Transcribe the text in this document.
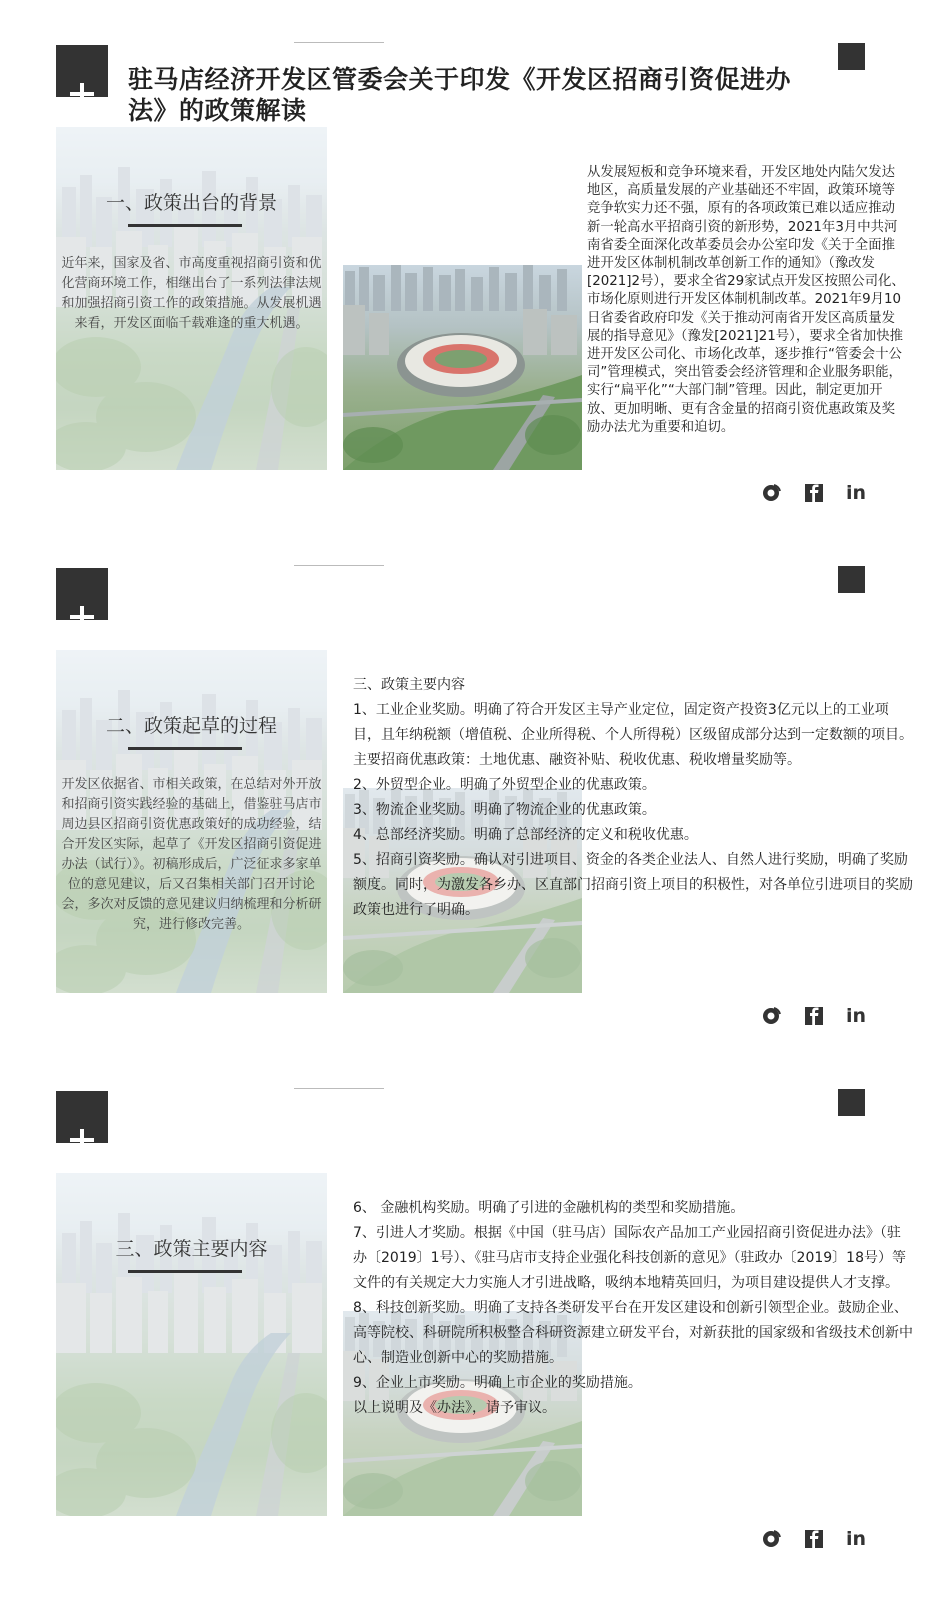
驻马店经济开发区管委会关于印发《开发区招商引资促进办法》的政策解读
一、政策出台的背景

近年来，国家及省、市高度重视招商引资和优化营商环境工作，相继出台了一系列法律法规和加强招商引资工作的政策措施。从发展机遇来看，开发区面临千载难逢的重大机遇。

从发展短板和竞争环境来看，开发区地处内陆欠发达地区，高质量发展的产业基础还不牢固，政策环境等竞争软实力还不强，原有的各项政策已难以适应推动新一轮高水平招商引资的新形势，2021年3月中共河南省委全面深化改革委员会办公室印发《关于全面推进开发区体制机制改革创新工作的通知》（豫改发[2021]2号），要求全省29家试点开发区按照公司化、市场化原则进行开发区体制机制改革。2021年9月10日省委省政府印发《关于推动河南省开发区高质量发展的指导意见》（豫发[2021]21号），要求全省加快推进开发区公司化、市场化改革，逐步推行“管委会十公司”管理模式，突出管委会经济管理和企业服务职能，实行“扁平化”“大部门制”管理。因此，制定更加开放、更加明晰、更有含金量的招商引资优惠政策及奖励办法尤为重要和迫切。

in
二、政策起草的过程

开发区依据省、市相关政策，在总结对外开放和招商引资实践经验的基础上，借鉴驻马店市周边县区招商引资优惠政策好的成功经验，结合开发区实际，起草了《开发区招商引资促进办法（试行）》。初稿形成后，广泛征求多家单位的意见建议，后又召集相关部门召开讨论会，多次对反馈的意见建议归纳梳理和分析研究，进行修改完善。

三、政策主要内容

1、工业企业奖励。明确了符合开发区主导产业定位，固定资产投资3亿元以上的工业项目，且年纳税额（增值税、企业所得税、个人所得税）区级留成部分达到一定数额的项目。主要招商优惠政策：土地优惠、融资补贴、税收优惠、税收增量奖励等。

2、外贸型企业。明确了外贸型企业的优惠政策。

3、物流企业奖励。明确了物流企业的优惠政策。

4、总部经济奖励。明确了总部经济的定义和税收优惠。

5、招商引资奖励。确认对引进项目、资金的各类企业法人、自然人进行奖励，明确了奖励额度。同时，为激发各乡办、区直部门招商引资上项目的积极性，对各单位引进项目的奖励政策也进行了明确。

in
三、政策主要内容

6、 金融机构奖励。明确了引进的金融机构的类型和奖励措施。

7、引进人才奖励。根据《中国（驻马店）国际农产品加工产业园招商引资促进办法》（驻办〔2019〕1号）、《驻马店市支持企业强化科技创新的意见》（驻政办〔2019〕18号）等文件的有关规定大力实施人才引进战略，吸纳本地精英回归，为项目建设提供人才支撑。

8、科技创新奖励。明确了支持各类研发平台在开发区建设和创新引领型企业。鼓励企业、高等院校、科研院所积极整合科研资源建立研发平台，对新获批的国家级和省级技术创新中心、制造业创新中心的奖励措施。

9、企业上市奖励。明确上市企业的奖励措施。

以上说明及《办法》，请予审议。

in
